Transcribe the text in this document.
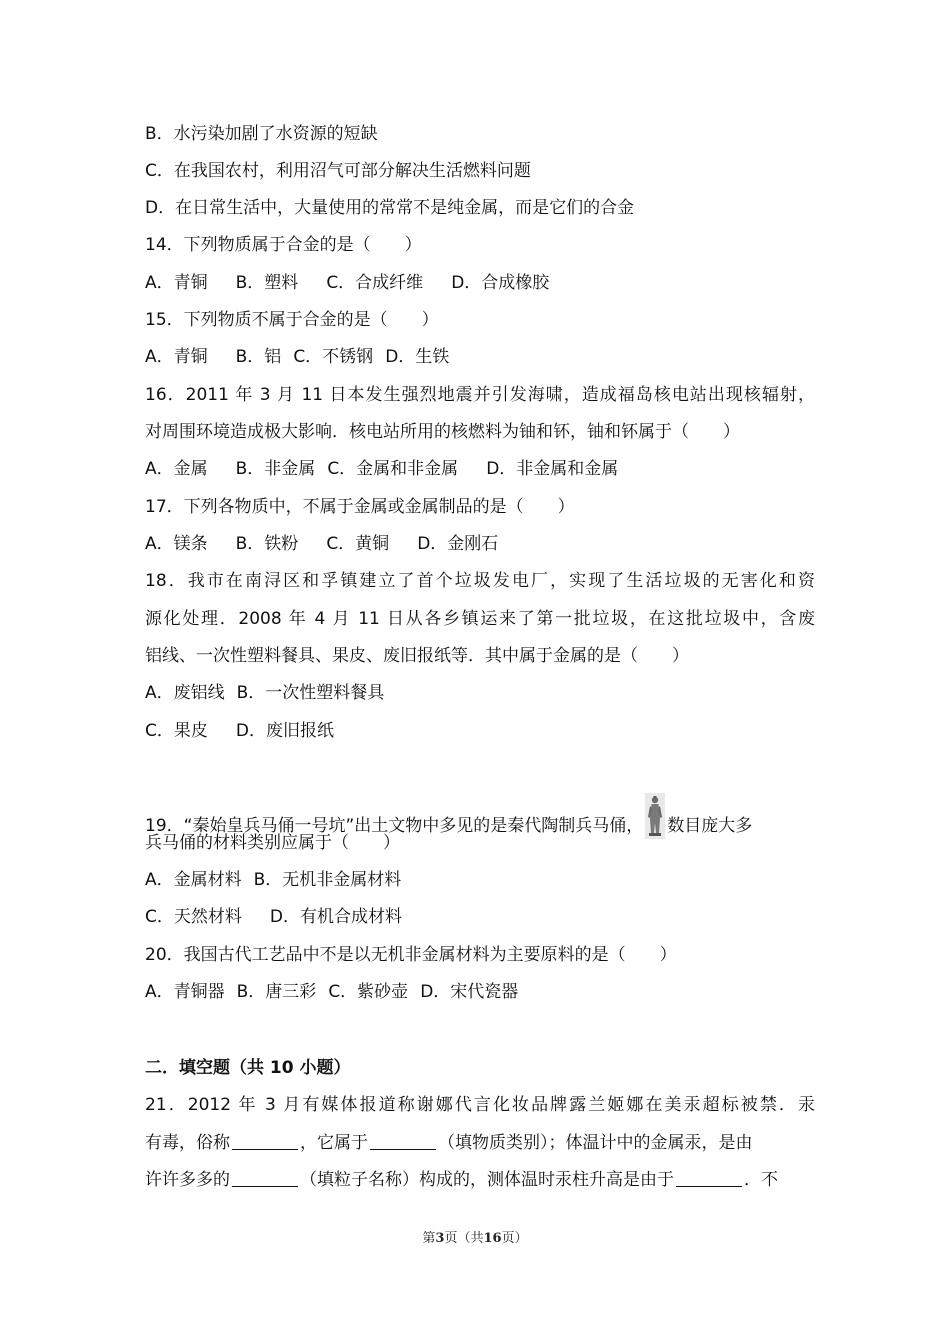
B．水污染加剧了水资源的短缺
C．在我国农村，利用沼气可部分解决生活燃料问题
D．在日常生活中，大量使用的常常不是纯金属，而是它们的合金
14．下列物质属于合金的是（　　）
A．青铜 B．塑料 C．合成纤维 D．合成橡胶
15．下列物质不属于合金的是（　　）
A．青铜 B．铝 C．不锈钢 D．生铁
16．2011 年 3 月 11 日本发生强烈地震并引发海啸，造成福岛核电站出现核辐射，
对周围环境造成极大影响．核电站所用的核燃料为铀和钚，铀和钚属于（　　）
A．金属 B．非金属 C．金属和非金属 D．非金属和金属
17．下列各物质中，不属于金属或金属制品的是（　　）
A．镁条 B．铁粉 C．黄铜 D．金刚石
18．我市在南浔区和孚镇建立了首个垃圾发电厂，实现了生活垃圾的无害化和资
源化处理．2008 年 4 月 11 日从各乡镇运来了第一批垃圾，在这批垃圾中，含废
铝线、一次性塑料餐具、果皮、废旧报纸等．其中属于金属的是（　　）
A．废铝线 B．一次性塑料餐具
C．果皮 D．废旧报纸
19．“秦始皇兵马俑一号坑”出土文物中多见的是秦代陶制兵马俑， 数目庞大多
兵马俑的材料类别应属于（　　）
A．金属材料 B．无机非金属材料
C．天然材料 D．有机合成材料
20．我国古代工艺品中不是以无机非金属材料为主要原料的是（　　）
A．青铜器 B．唐三彩 C．紫砂壶 D．宋代瓷器
二．填空题（共 10 小题）
21．2012 年 3 月有媒体报道称谢娜代言化妆品牌露兰姬娜在美汞超标被禁．汞
有毒，俗称	，它属于	（填物质类别）；体温计中的金属汞，是由
许许多多的	（填粒子名称）构成的，测体温时汞柱升高是由于	．不
第3页（共16页）
